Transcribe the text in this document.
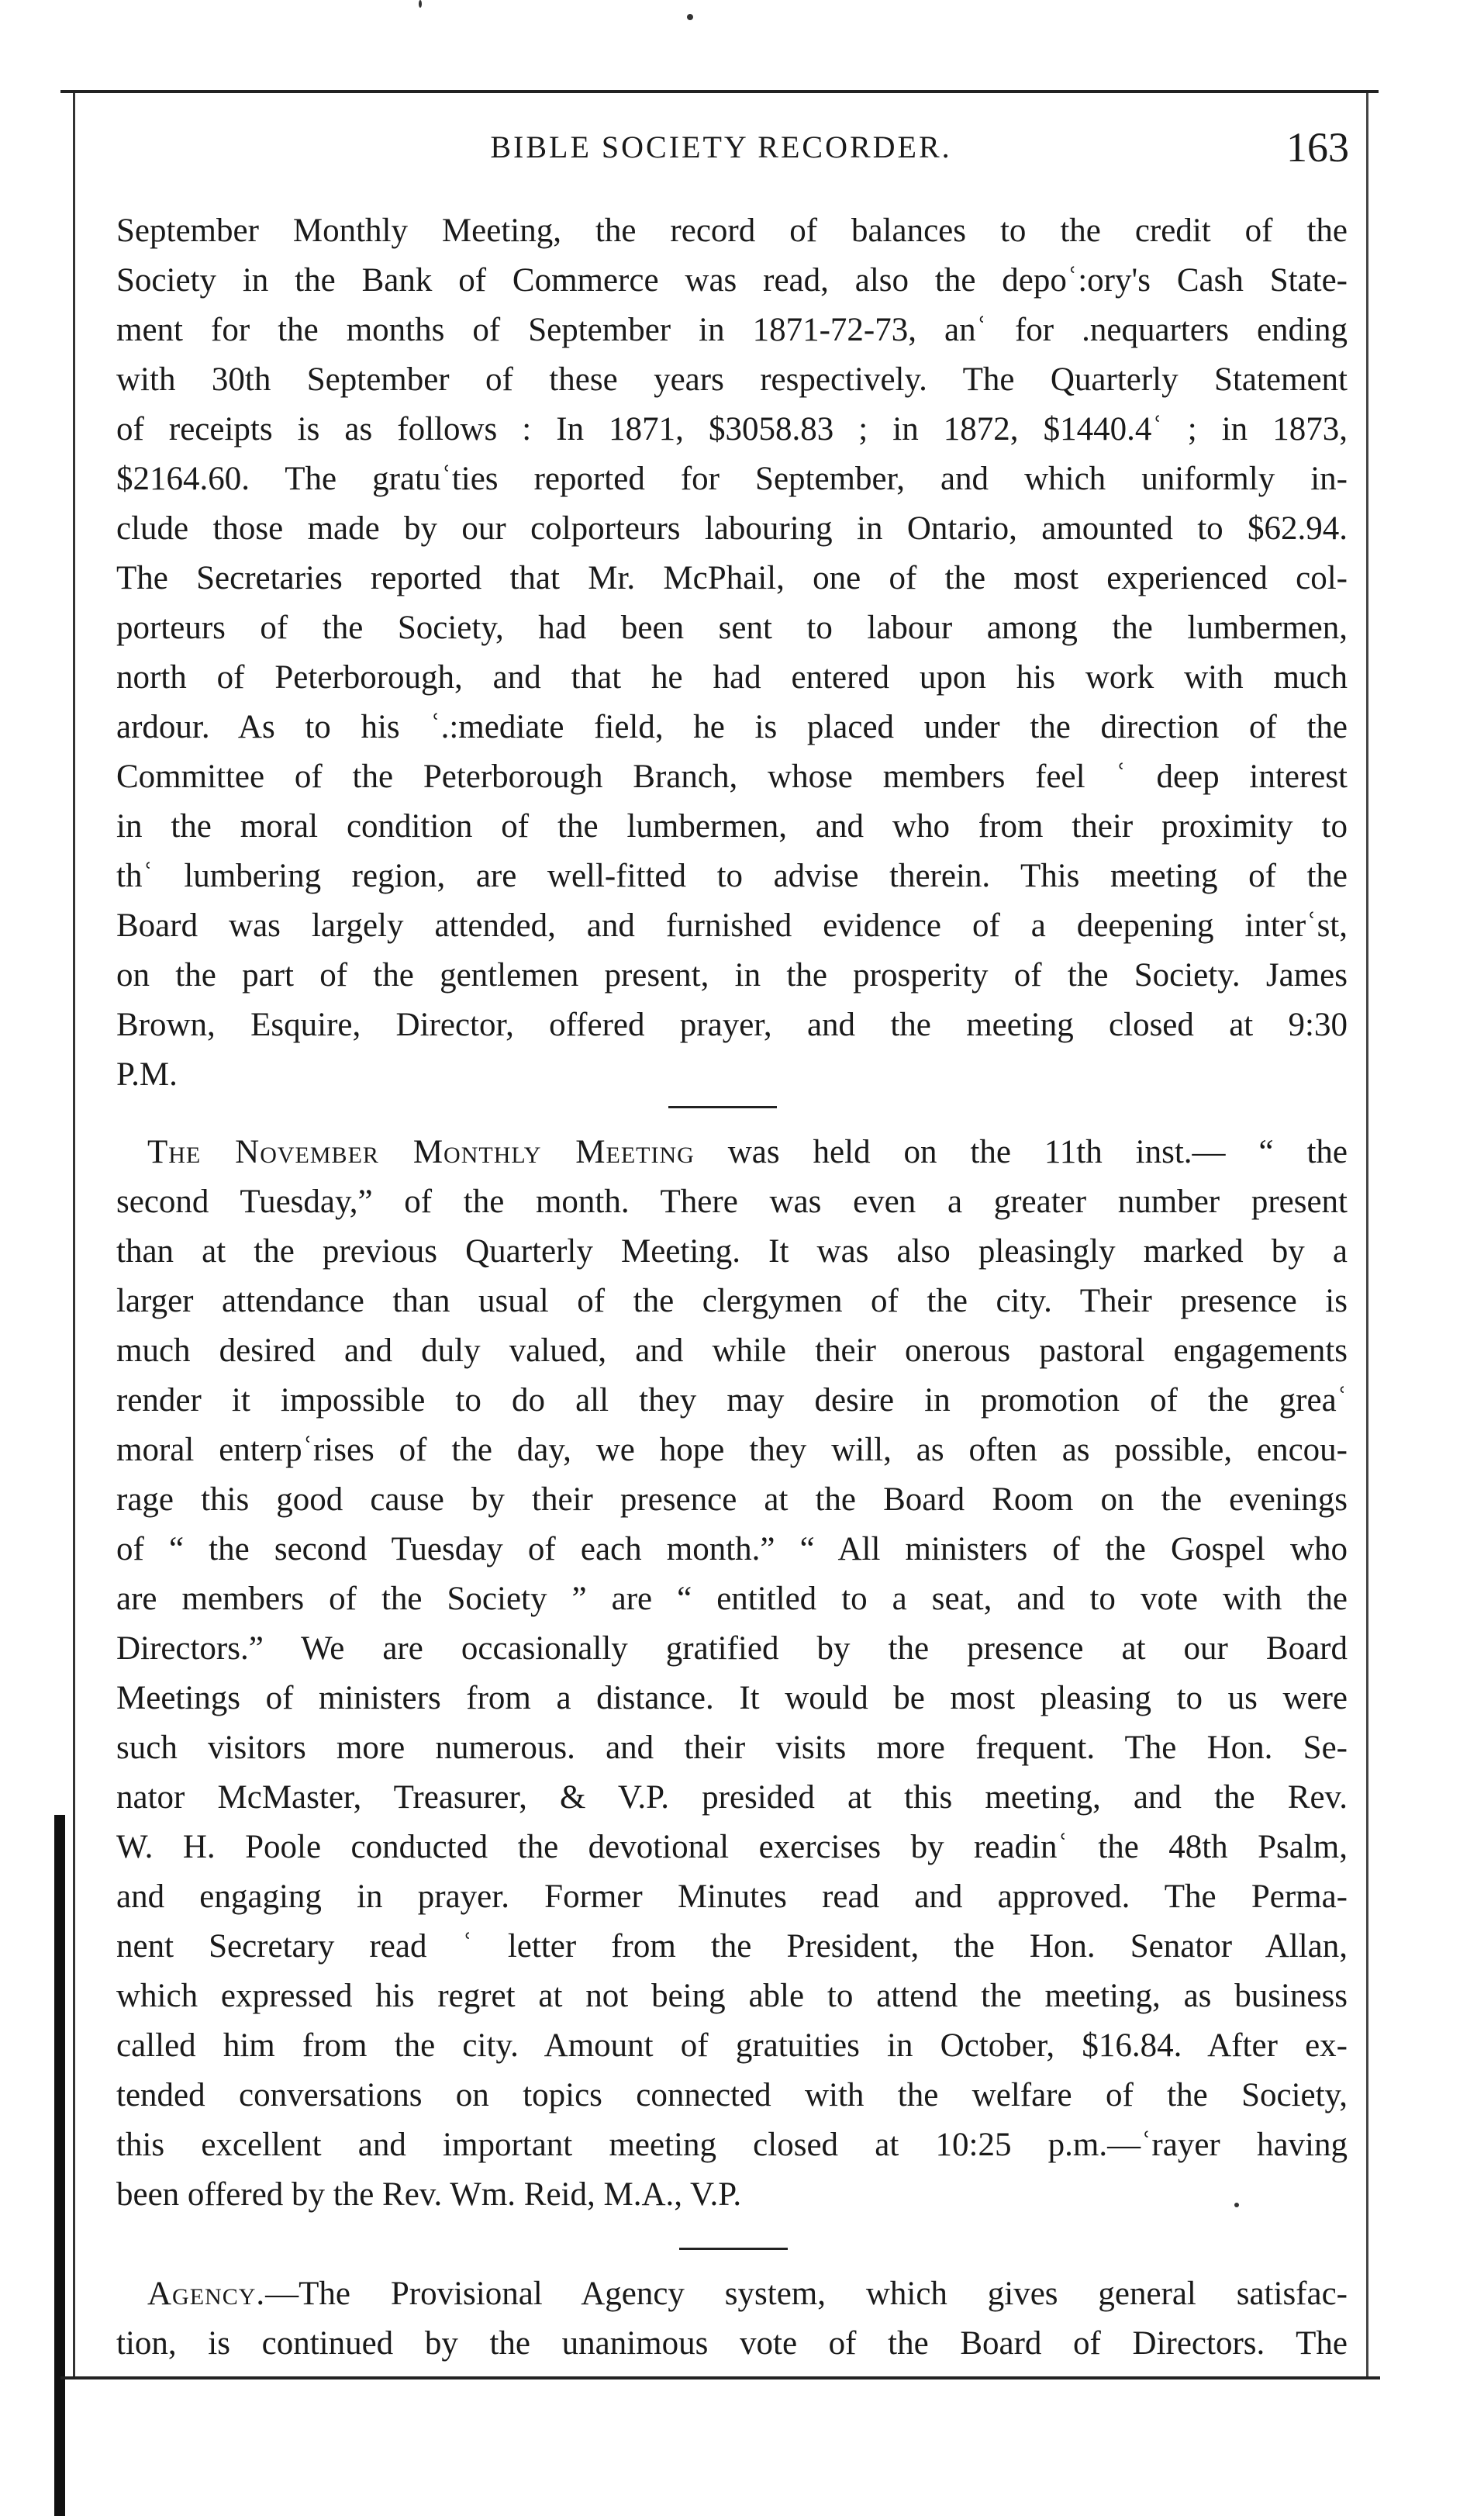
BIBLE SOCIETY RECORDER.	163
September Monthly Meeting, the record of balances to the credit of the
Society in the Bank of Commerce was read, also the depoʿ:ory's Cash State-
ment for the months of September in 1871-72-73, anʿ for .nequarters ending
with 30th September of these years respectively. The Quarterly Statement
of receipts is as follows : In 1871, $3058.83 ; in 1872, $1440.4ʿ ; in 1873,
$2164.60. The gratuʿties reported for September, and which uniformly in-
clude those made by our colporteurs labouring in Ontario, amounted to $62.94.
The Secretaries reported that Mr. McPhail, one of the most experienced col-
porteurs of the Society, had been sent to labour among the lumbermen,
north of Peterborough, and that he had entered upon his work with much
ardour. As to his ʿ.:mediate field, he is placed under the direction of the
Committee of the Peterborough Branch, whose members feel ʿ deep interest
in the moral condition of the lumbermen, and who from their proximity to
thʿ lumbering region, are well-fitted to advise therein. This meeting of the
Board was largely attended, and furnished evidence of a deepening interʿst,
on the part of the gentlemen present, in the prosperity of the Society. James
Brown, Esquire, Director, offered prayer, and the meeting closed at 9:30
P.M.
The November Monthly Meeting was held on the 11th inst.— “ the
second Tuesday,” of the month. There was even a greater number present
than at the previous Quarterly Meeting. It was also pleasingly marked by a
larger attendance than usual of the clergymen of the city. Their presence is
much desired and duly valued, and while their onerous pastoral engagements
render it impossible to do all they may desire in promotion of the greaʿ
moral enterpʿrises of the day, we hope they will, as often as possible, encou-
rage this good cause by their presence at the Board Room on the evenings
of “ the second Tuesday of each month.” “ All ministers of the Gospel who
are members of the Society ” are “ entitled to a seat, and to vote with the
Directors.” We are occasionally gratified by the presence at our Board
Meetings of ministers from a distance. It would be most pleasing to us were
such visitors more numerous. and their visits more frequent. The Hon. Se-
nator McMaster, Treasurer, & V.P. presided at this meeting, and the Rev.
W. H. Poole conducted the devotional exercises by readinʿ the 48th Psalm,
and engaging in prayer. Former Minutes read and approved. The Perma-
nent Secretary read ʿ letter from the President, the Hon. Senator Allan,
which expressed his regret at not being able to attend the meeting, as business
called him from the city. Amount of gratuities in October, $16.84. After ex-
tended conversations on topics connected with the welfare of the Society,
this excellent and important meeting closed at 10:25 p.m.—ʿrayer having
been offered by the Rev. Wm. Reid, M.A., V.P.
Agency.—The Provisional Agency system, which gives general satisfac-
tion, is continued by the unanimous vote of the Board of Directors. The
